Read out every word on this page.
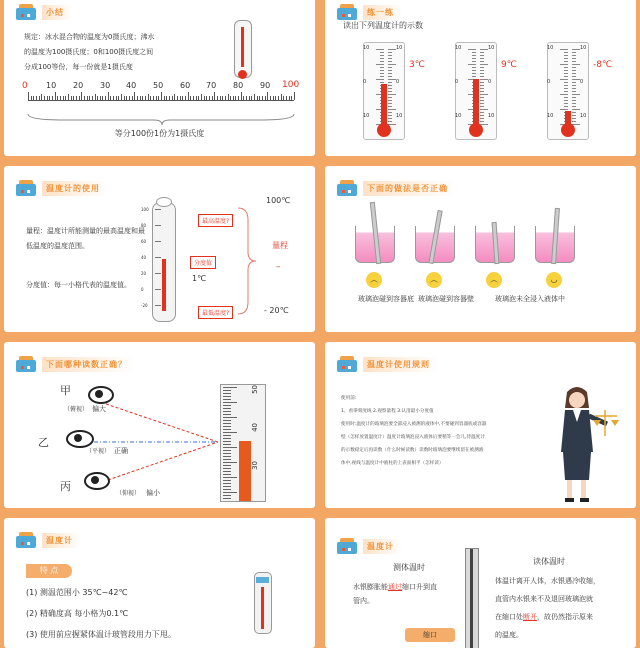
小结
规定：冰水混合物的温度为0摄氏度；沸水
的温度为100摄氏度；0和100摄氏度之间
分成100等份，每一份就是1摄氏度
0 10 20 30 40 50 60 70 80 90 100
等分100份1份为1摄氏度
练一练
读出下列温度计的示数
10	10
0	0
10	10
3℃
10	10
0	0
10	10
9℃
10	10
0	0
10	10
-8℃
温度计的使用
量程：温度计所能测量的最高温度和最低温度的温度范围。
分度值：每一小格代表的温度值。
100
80
60
40
20
0
-20
最高温度?
分度值
1℃
最低温度?
100℃
量程
–
- 20℃
下面的做法是否正确
︵	︵	︵	◡
玻璃泡碰到容器底 玻璃泡碰到容器壁	玻璃泡未全浸入液体中
下面哪种读数正确？
甲
（俯视） 偏大
乙
（平视） 正确
丙
（仰视） 偏小
50
40
30
温度计使用规则
使用前:
1、看零刻度线 2.观察量程 3.认清最小分度值
使用时:温度计的玻璃泡要全部浸入被测的液体中,不要碰到容器底或容器
壁（怎样放置温度计）温度计玻璃泡浸入液体后要稍等一会儿,待温度计
的示数稳定后再读数（什么时候读数）读数时玻璃泡要继续留在被测液
体中,视线与温度计中液柱的上表面相平（怎样读）
温度计
特 点
(1) 测温范围小 35℃~42℃
(2) 精确度高 每小格为0.1℃
(3) 使用前应握紧体温计玻管段用力下甩。
温度计
测体温时
水银膨胀能通过缩口升到直
管内。
缩口
读体温时
体温计离开人体，水银遇冷收缩，
直管内水银来不及退回玻璃泡就
在缩口处断开，故仍然指示原来
的温度。
